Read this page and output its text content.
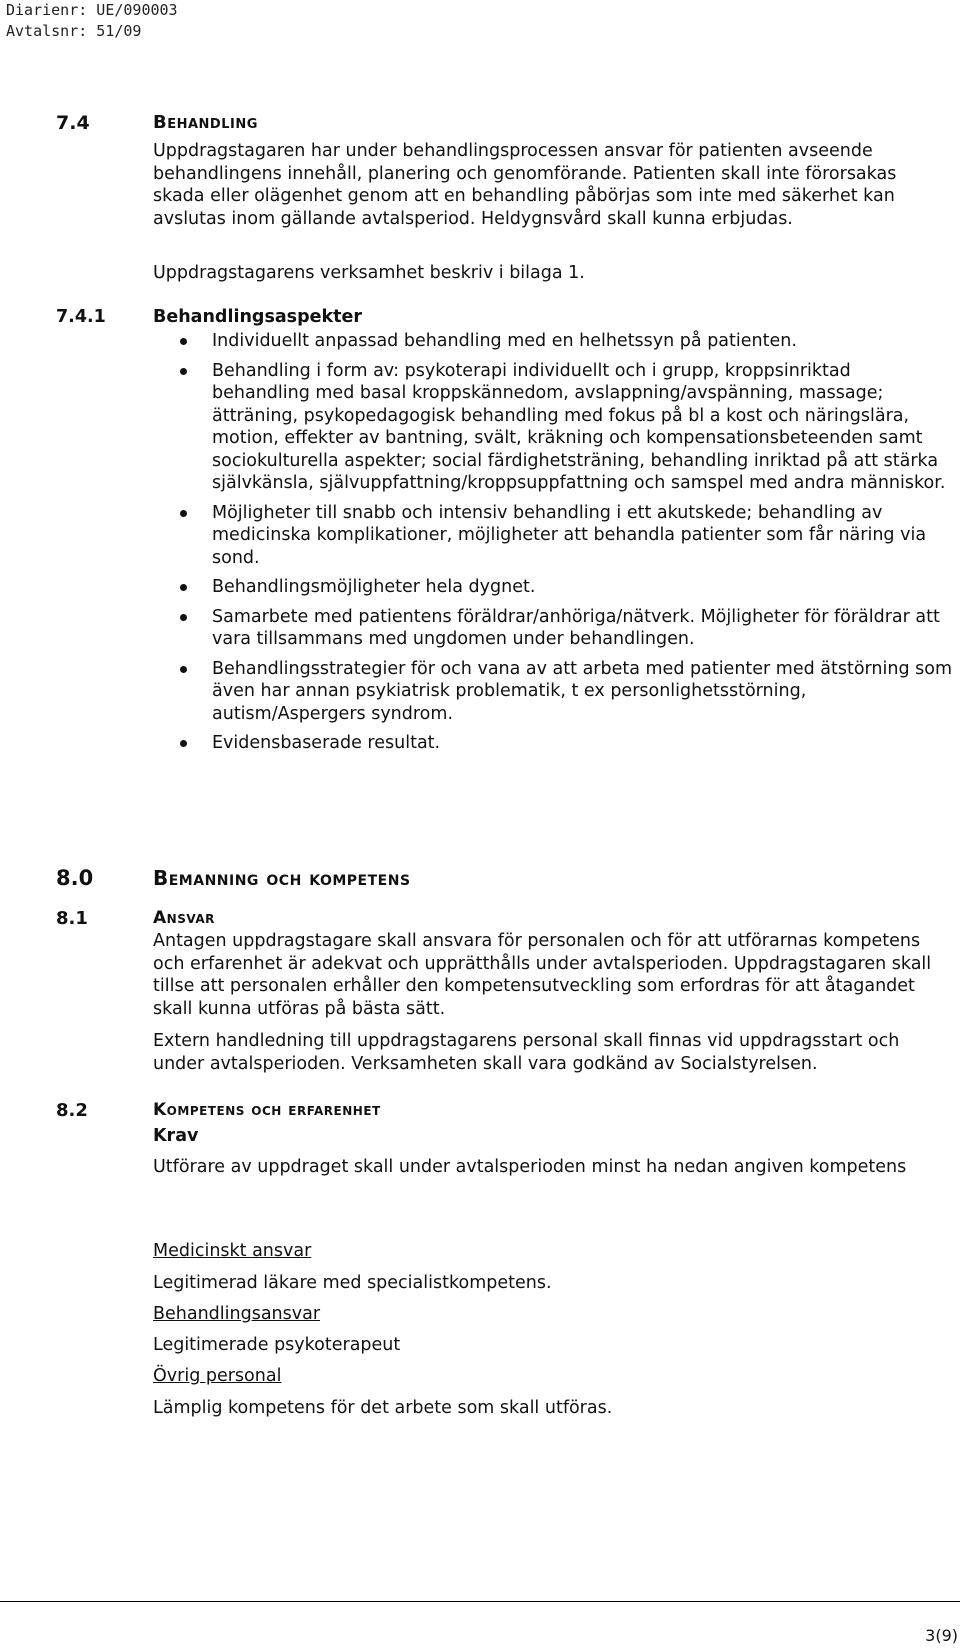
Diarienr: UE/090003
Avtalsnr: 51/09
7.4	Behandling

Uppdragstagaren har under behandlingsprocessen ansvar för patienten avseende behandlingens innehåll, planering och genomförande. Patienten skall inte förorsakas skada eller olägenhet genom att en behandling påbörjas som inte med säkerhet kan avslutas inom gällande avtalsperiod. Heldygnsvård skall kunna erbjudas.

Uppdragstagarens verksamhet beskriv i bilaga 1.

7.4.1	Behandlingsaspekter
Individuellt anpassad behandling med en helhetssyn på patienten.
Behandling i form av: psykoterapi individuellt och i grupp, kroppsinriktad behandling med basal kroppskännedom, avslappning/avspänning, massage; ätträning, psykopedagogisk behandling med fokus på bl a kost och näringslära, motion, effekter av bantning, svält, kräkning och kompensationsbeteenden samt sociokulturella aspekter; social färdighetsträning, behandling inriktad på att stärka självkänsla, självuppfattning/kroppsuppfattning och samspel med andra människor.
Möjligheter till snabb och intensiv behandling i ett akutskede; behandling av medicinska komplikationer, möjligheter att behandla patienter som får näring via sond.
Behandlingsmöjligheter hela dygnet.
Samarbete med patientens föräldrar/anhöriga/nätverk. Möjligheter för föräldrar att vara tillsammans med ungdomen under behandlingen.
Behandlingsstrategier för och vana av att arbeta med patienter med ätstörning som även har annan psykiatrisk problematik, t ex personlighetsstörning, autism/Aspergers syndrom.
Evidensbaserade resultat.
8.0	Bemanning och kompetens
8.1	Ansvar

Antagen uppdragstagare skall ansvara för personalen och för att utförarnas kompetens och erfarenhet är adekvat och upprätthålls under avtalsperioden. Uppdragstagaren skall tillse att personalen erhåller den kompetensutveckling som erfordras för att åtagandet skall kunna utföras på bästa sätt.

Extern handledning till uppdragstagarens personal skall finnas vid uppdragsstart och under avtalsperioden. Verksamheten skall vara godkänd av Socialstyrelsen.

8.2	Kompetens och erfarenhet

Krav

Utförare av uppdraget skall under avtalsperioden minst ha nedan angiven kompetens

Medicinskt ansvar

Legitimerad läkare med specialistkompetens.

Behandlingsansvar

Legitimerade psykoterapeut

Övrig personal

Lämplig kompetens för det arbete som skall utföras.

3(9)
